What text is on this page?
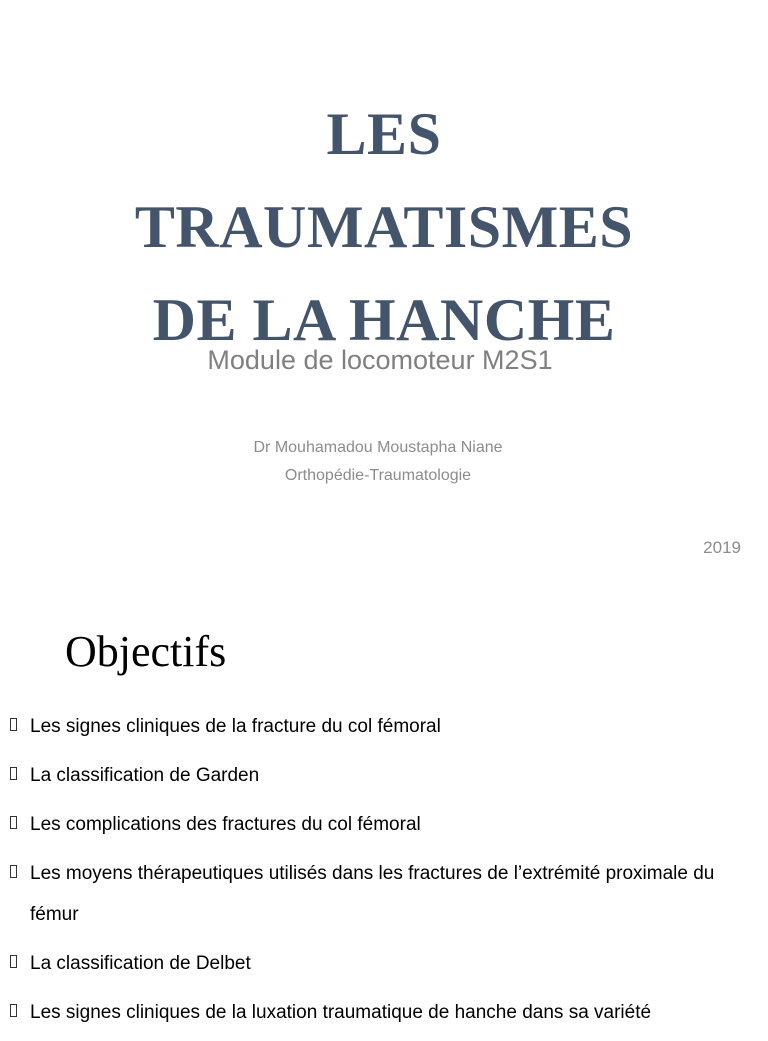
LES
TRAUMATISMES
DE LA HANCHE
Module de locomoteur M2S1
Dr Mouhamadou Moustapha Niane
Orthopédie-Traumatologie
2019
Objectifs
Les signes cliniques de la fracture du col fémoral
La classification de Garden
Les complications des fractures du col fémoral
Les moyens thérapeutiques utilisés dans les fractures de l’extrémité proximale du fémur
La classification de Delbet
Les signes cliniques de la luxation traumatique de hanche dans sa variété
